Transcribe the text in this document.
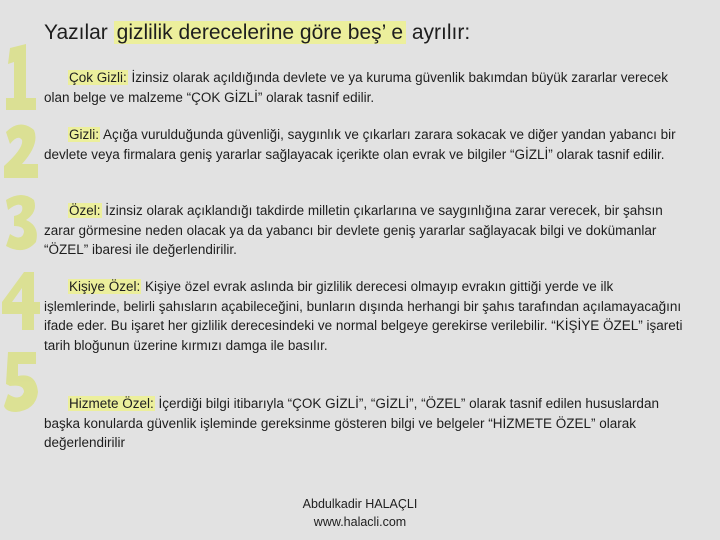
Yazılar gizlilik derecelerine göre beş’ e ayrılır:
Çok Gizli: İzinsiz olarak açıldığında devlete ve ya kuruma güvenlik bakımdan büyük zararlar verecek olan belge ve malzeme “ÇOK GİZLİ” olarak tasnif edilir.
Gizli: Açığa vurulduğunda güvenliği, saygınlık ve çıkarları zarara sokacak ve diğer yandan yabancı bir devlete veya firmalara geniş yararlar sağlayacak içerikte olan evrak ve bilgiler “GİZLİ” olarak tasnif edilir.
Özel: İzinsiz olarak açıklandığı takdirde milletin çıkarlarına ve saygınlığına zarar verecek, bir şahsın zarar görmesine neden olacak ya da yabancı bir devlete geniş yararlar sağlayacak bilgi ve dokümanlar “ÖZEL” ibaresi ile değerlendirilir.
Kişiye Özel: Kişiye özel evrak aslında bir gizlilik derecesi olmayıp evrakın gittiği yerde ve ilk işlemlerinde, belirli şahısların açabileceğini, bunların dışında herhangi bir şahıs tarafından açılamayacağını ifade eder. Bu işaret her gizlilik derecesindeki ve normal belgeye gerekirse verilebilir. “KİŞİYE ÖZEL” işareti tarih bloğunun üzerine kırmızı damga ile basılır.
Hizmete Özel: İçerdiği bilgi itibarıyla “ÇOK GİZLİ”, “GİZLİ”, “ÖZEL” olarak tasnif edilen hususlardan başka konularda güvenlik işleminde gereksinme gösteren bilgi ve belgeler “HİZMETE ÖZEL” olarak değerlendirilir
Abdulkadir HALAÇLI
www.halacli.com
